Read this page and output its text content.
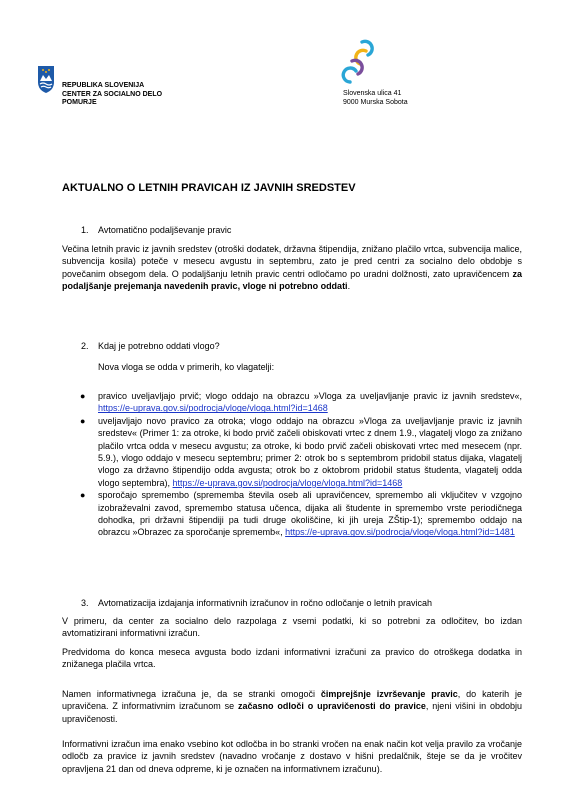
REPUBLIKA SLOVENIJA
CENTER ZA SOCIALNO DELO
POMURJE
Slovenska ulica 41
9000 Murska Sobota
AKTUALNO O LETNIH PRAVICAH IZ JAVNIH SREDSTEV
1. Avtomatično podaljševanje pravic
Večina letnih pravic iz javnih sredstev (otroški dodatek, državna štipendija, znižano plačilo vrtca, subvencija malice, subvencija kosila) poteče v mesecu avgustu in septembru, zato je pred centri za socialno delo obdobje s povečanim obsegom dela. O podaljšanju letnih pravic centri odločamo po uradni dolžnosti, zato upravičencem za podaljšanje prejemanja navedenih pravic, vloge ni potrebno oddati.
2. Kdaj je potrebno oddati vlogo?
Nova vloga se odda v primerih, ko vlagatelji:
● pravico uveljavljajo prvič; vlogo oddajo na obrazcu »Vloga za uveljavljanje pravic iz javnih sredstev«, https://e-uprava.gov.si/podrocja/vloge/vloga.html?id=1468
● uveljavljajo novo pravico za otroka; vlogo oddajo na obrazcu »Vloga za uveljavljanje pravic iz javnih sredstev« (Primer 1: za otroke, ki bodo prvič začeli obiskovati vrtec z dnem 1.9., vlagatelj vlogo za znižano plačilo vrtca odda v mesecu avgustu; za otroke, ki bodo prvič začeli obiskovati vrtec med mesecem (npr. 5.9.), vlogo oddajo v mesecu septembru; primer 2: otrok bo s septembrom pridobil status dijaka, vlagatelj vlogo za državno štipendijo odda avgusta; otrok bo z oktobrom pridobil status študenta, vlagatelj odda vlogo septembra), https://e-uprava.gov.si/podrocja/vloge/vloga.html?id=1468
● sporočajo spremembo (sprememba števila oseb ali upravičencev, spremembo ali vključitev v vzgojno izobraževalni zavod, spremembo statusa učenca, dijaka ali študente in spremembo vrste periodičnega dohodka, pri državni štipendiji pa tudi druge okoliščine, ki jih ureja ZŠtip-1); spremembo oddajo na obrazcu »Obrazec za sporočanje sprememb«, https://e-uprava.gov.si/podrocja/vloge/vloga.html?id=1481
3. Avtomatizacija izdajanja informativnih izračunov in ročno odločanje o letnih pravicah
V primeru, da center za socialno delo razpolaga z vsemi podatki, ki so potrebni za odločitev, bo izdan avtomatizirani informativni izračun.
Predvidoma do konca meseca avgusta bodo izdani informativni izračuni za pravico do otroškega dodatka in znižanega plačila vrtca.
Namen informativnega izračuna je, da se stranki omogoči čimprejšnje izvrševanje pravic, do katerih je upravičena. Z informativnim izračunom se začasno odloči o upravičenosti do pravice, njeni višini in obdobju upravičenosti.
Informativni izračun ima enako vsebino kot odločba in bo stranki vročen na enak način kot velja pravilo za vročanje odločb za pravice iz javnih sredstev (navadno vročanje z dostavo v hišni predalčnik, šteje se da je vročitev opravljena 21 dan od dneva odpreme, ki je označen na informativnem izračunu).
